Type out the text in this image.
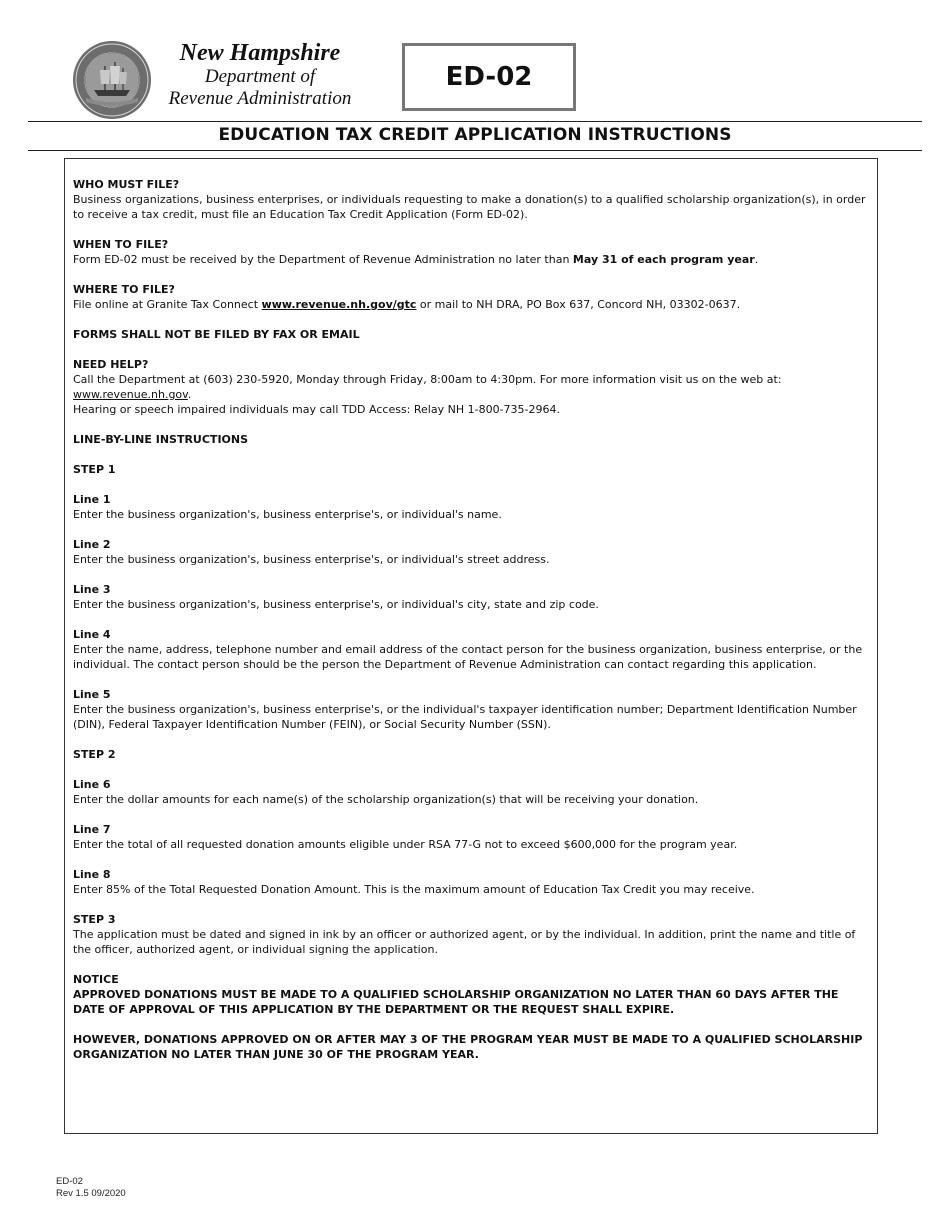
New Hampshire
Department of
Revenue Administration
ED-02
EDUCATION TAX CREDIT APPLICATION INSTRUCTIONS
WHO MUST FILE?
Business organizations, business enterprises, or individuals requesting to make a donation(s) to a qualified scholarship organization(s), in order to receive a tax credit, must file an Education Tax Credit Application (Form ED-02).
WHEN TO FILE?
Form ED-02 must be received by the Department of Revenue Administration no later than May 31 of each program year.
WHERE TO FILE?
File online at Granite Tax Connect www.revenue.nh.gov/gtc or mail to NH DRA, PO Box 637, Concord NH, 03302-0637.
FORMS SHALL NOT BE FILED BY FAX OR EMAIL
NEED HELP?
Call the Department at (603) 230-5920, Monday through Friday, 8:00am to 4:30pm. For more information visit us on the web at: www.revenue.nh.gov.
Hearing or speech impaired individuals may call TDD Access: Relay NH 1-800-735-2964.
LINE-BY-LINE INSTRUCTIONS
STEP 1
Line 1
Enter the business organization's, business enterprise's, or individual's name.
Line 2
Enter the business organization's, business enterprise's, or individual's street address.
Line 3
Enter the business organization's, business enterprise's, or individual's city, state and zip code.
Line 4
Enter the name, address, telephone number and email address of the contact person for the business organization, business enterprise, or the individual. The contact person should be the person the Department of Revenue Administration can contact regarding this application.
Line 5
Enter the business organization's, business enterprise's, or the individual's taxpayer identification number; Department Identification Number (DIN), Federal Taxpayer Identification Number (FEIN), or Social Security Number (SSN).
STEP 2
Line 6
Enter the dollar amounts for each name(s) of the scholarship organization(s) that will be receiving your donation.
Line 7
Enter the total of all requested donation amounts eligible under RSA 77-G not to exceed $600,000 for the program year.
Line 8
Enter 85% of the Total Requested Donation Amount. This is the maximum amount of Education Tax Credit you may receive.
STEP 3
The application must be dated and signed in ink by an officer or authorized agent, or by the individual. In addition, print the name and title of the officer, authorized agent, or individual signing the application.
NOTICE
APPROVED DONATIONS MUST BE MADE TO A QUALIFIED SCHOLARSHIP ORGANIZATION NO LATER THAN 60 DAYS AFTER THE DATE OF APPROVAL OF THIS APPLICATION BY THE DEPARTMENT OR THE REQUEST SHALL EXPIRE.
HOWEVER, DONATIONS APPROVED ON OR AFTER MAY 3 OF THE PROGRAM YEAR MUST BE MADE TO A QUALIFIED SCHOLARSHIP ORGANIZATION NO LATER THAN JUNE 30 OF THE PROGRAM YEAR.
ED-02
Rev 1.5 09/2020
